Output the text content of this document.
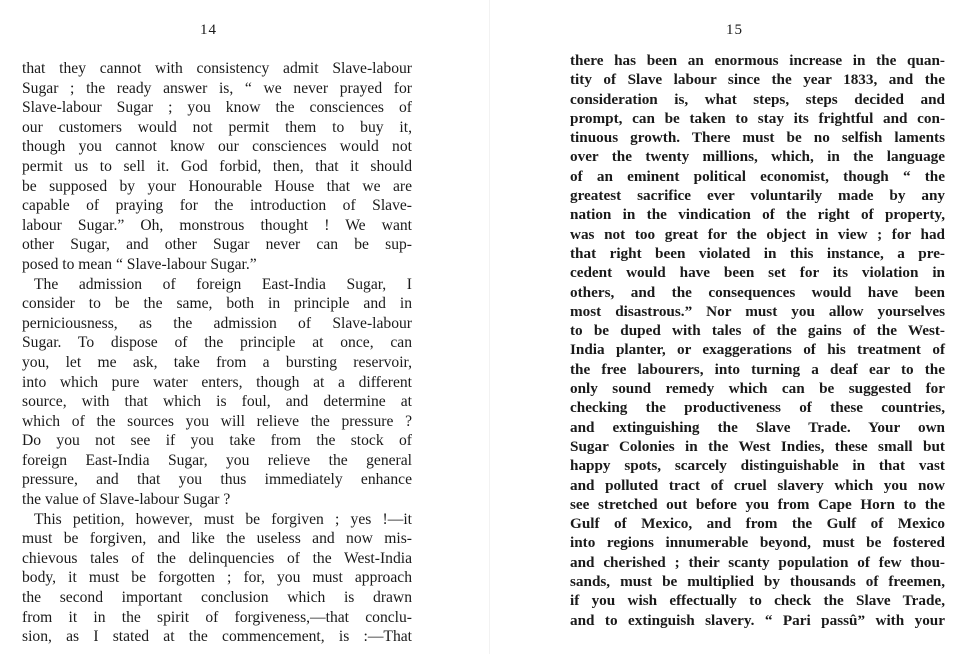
14
that they cannot with consistency admit Slave-labour
Sugar ; the ready answer is, “ we never prayed for
Slave-labour Sugar ; you know the consciences of
our customers would not permit them to buy it,
though you cannot know our consciences would not
permit us to sell it. God forbid, then, that it should
be supposed by your Honourable House that we are
capable of praying for the introduction of Slave-
labour Sugar.” Oh, monstrous thought ! We want
other Sugar, and other Sugar never can be sup-
posed to mean “ Slave-labour Sugar.”
The admission of foreign East-India Sugar, I
consider to be the same, both in principle and in
perniciousness, as the admission of Slave-labour
Sugar. To dispose of the principle at once, can
you, let me ask, take from a bursting reservoir,
into which pure water enters, though at a different
source, with that which is foul, and determine at
which of the sources you will relieve the pressure ?
Do you not see if you take from the stock of
foreign East-India Sugar, you relieve the general
pressure, and that you thus immediately enhance
the value of Slave-labour Sugar ?
This petition, however, must be forgiven ; yes !—it
must be forgiven, and like the useless and now mis-
chievous tales of the delinquencies of the West-India
body, it must be forgotten ; for, you must approach
the second important conclusion which is drawn
from it in the spirit of forgiveness,—that conclu-
sion, as I stated at the commencement, is :—That
15
there has been an enormous increase in the quan-
tity of Slave labour since the year 1833, and the
consideration is, what steps, steps decided and
prompt, can be taken to stay its frightful and con-
tinuous growth. There must be no selfish laments
over the twenty millions, which, in the language
of an eminent political economist, though “ the
greatest sacrifice ever voluntarily made by any
nation in the vindication of the right of property,
was not too great for the object in view ; for had
that right been violated in this instance, a pre-
cedent would have been set for its violation in
others, and the consequences would have been
most disastrous.” Nor must you allow yourselves
to be duped with tales of the gains of the West-
India planter, or exaggerations of his treatment of
the free labourers, into turning a deaf ear to the
only sound remedy which can be suggested for
checking the productiveness of these countries,
and extinguishing the Slave Trade. Your own
Sugar Colonies in the West Indies, these small but
happy spots, scarcely distinguishable in that vast
and polluted tract of cruel slavery which you now
see stretched out before you from Cape Horn to the
Gulf of Mexico, and from the Gulf of Mexico
into regions innumerable beyond, must be fostered
and cherished ; their scanty population of few thou-
sands, must be multiplied by thousands of freemen,
if you wish effectually to check the Slave Trade,
and to extinguish slavery. “ Pari passû” with your
